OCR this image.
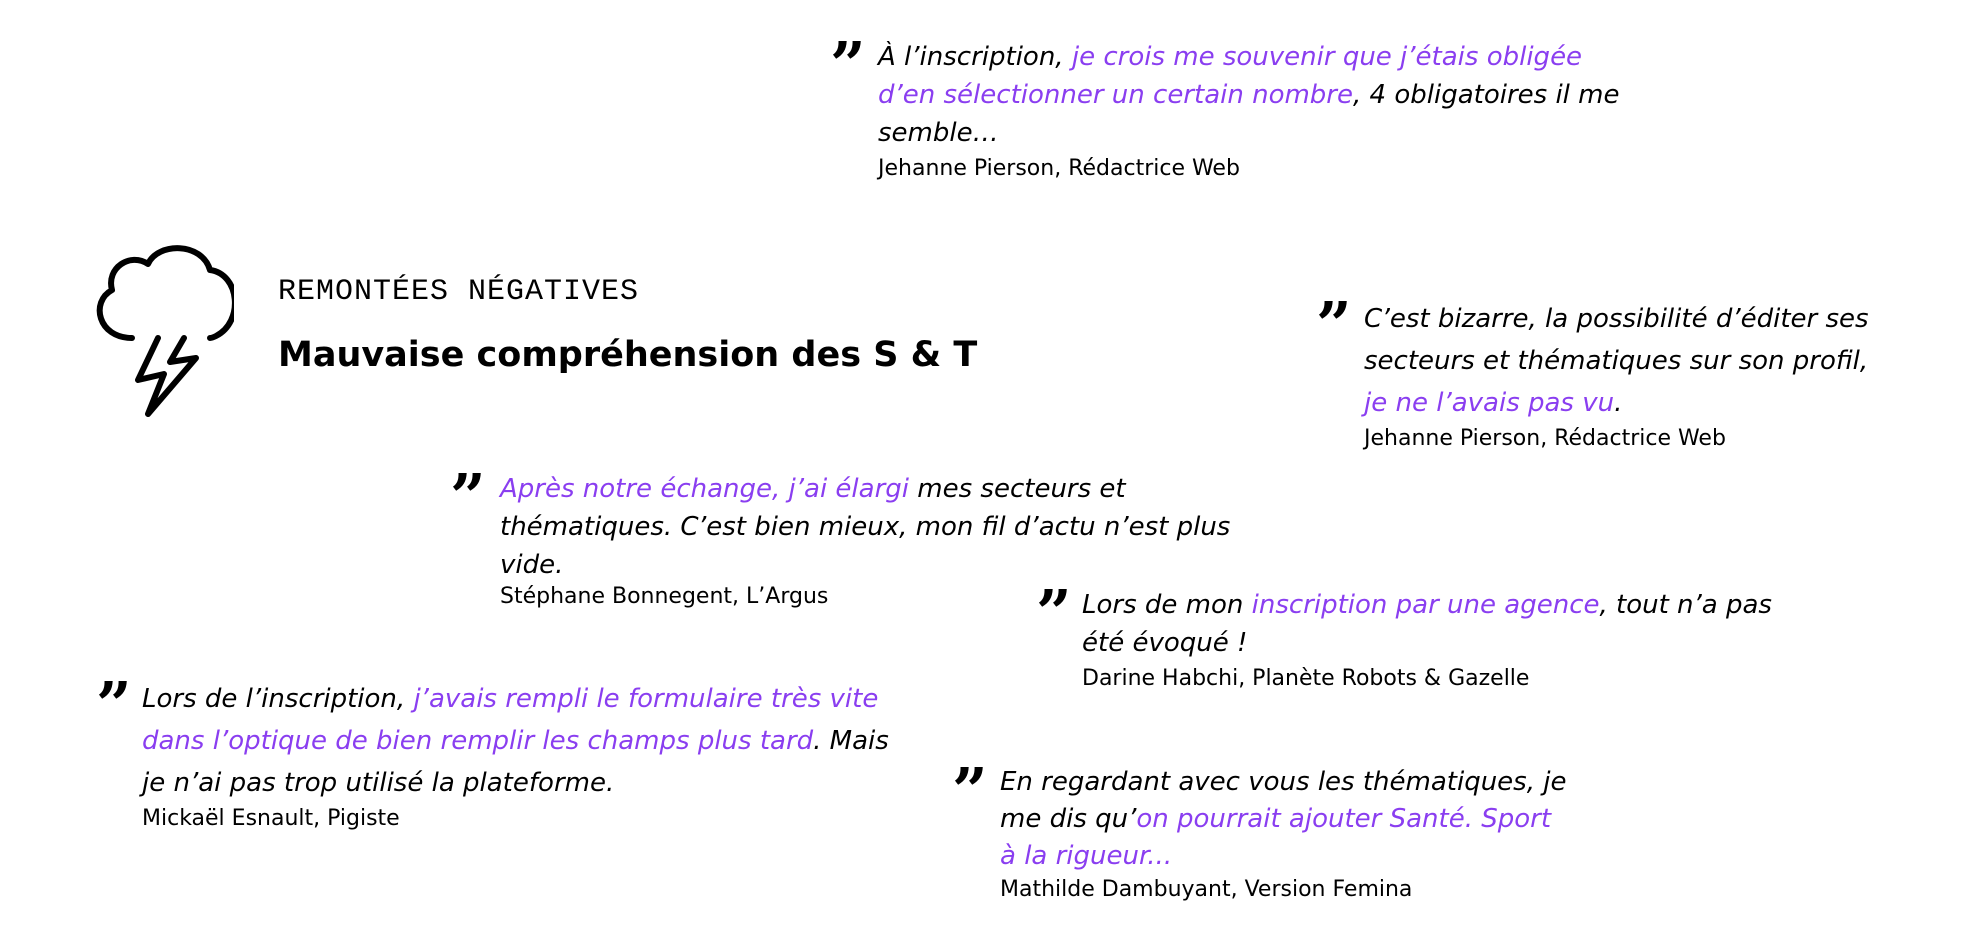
REMONTÉES NÉGATIVES
Mauvaise compréhension des S & T
” À l’inscription, je crois me souvenir que j’étais obligée d’en sélectionner un certain nombre, 4 obligatoires il me semble…
Jehanne Pierson, Rédactrice Web
” C’est bizarre, la possibilité d’éditer ses secteurs et thématiques sur son profil, je ne l’avais pas vu.
Jehanne Pierson, Rédactrice Web
” Après notre échange, j’ai élargi mes secteurs et thématiques. C’est bien mieux, mon fil d’actu n’est plus vide.
Stéphane Bonnegent, L’Argus	” Lors de mon inscription par une agence, tout n’a pas été évoqué !
Darine Habchi, Planète Robots & Gazelle
” Lors de l’inscription, j’avais rempli le formulaire très vite dans l’optique de bien remplir les champs plus tard. Mais je n’ai pas trop utilisé la plateforme.
Mickaël Esnault, Pigiste	” En regardant avec vous les thématiques, je me dis qu’on pourrait ajouter Santé. Sport à la rigueur...
Mathilde Dambuyant, Version Femina
